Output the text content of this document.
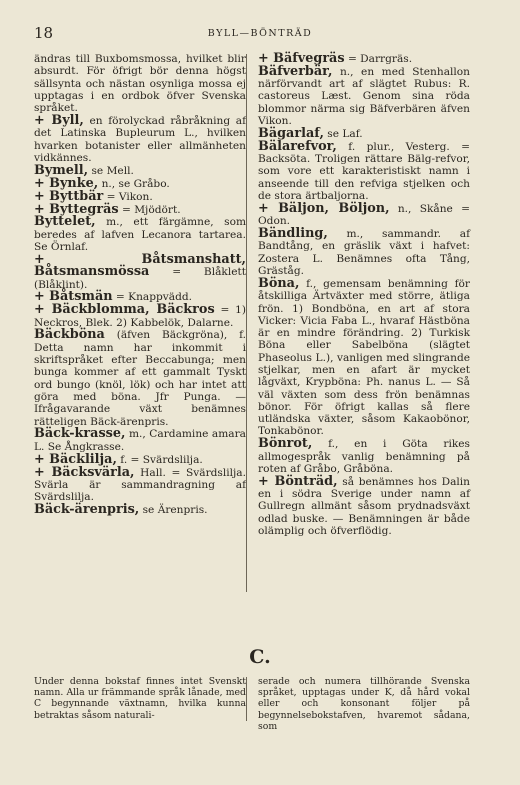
18	BYLL—BÖNTRÄD

ändras till Buxbomsmossa, hvilket blir absurdt. För öfrigt bör denna högst sällsynta och nästan osynliga mossa ej upptagas i en ordbok öfver Svenska språket.

+ Byll, en förolyckad råbråkning af det Latinska Bupleurum L., hvilken hvarken botanister eller allmänheten vidkännes.

Bymell, se Mell.

+ Bynke, n., se Gråbo.

+ Byttbär = Vikon.

+ Byttegräs = Mjödört.

Byttelet, m., ett färgämne, som beredes af lafven Lecanora tartarea. Se Örnlaf.

+ Båtsmanshatt, Båtsmansmössa = Blåklett (Blåklint).

+ Båtsmän = Knappvädd.

+ Bäckblomma, Bäckros = 1) Neckros, Blek. 2) Kabbelök, Dalarne.

Bäckböna (äfven Bäckgröna), f. Detta namn har inkommit i skriftspråket efter Beccabunga; men bunga kommer af ett gammalt Tyskt ord bungo (knöl, lök) och har intet att göra med böna. Jfr Punga. — Ifrågavarande växt benämnes rätteligen Bäck-ärenpris.

Bäck-krasse, m., Cardamine amara L. Se Ångkrasse.

+ Bäcklilja, f. = Svärdslilja.

+ Bäcksvärla, Hall. = Svärdslilja. Svärla är sammandragning af Svärdslilja.

Bäck-ärenpris, se Ärenpris.

+ Bäfvegräs = Darrgräs.

Bäfverbär, n., en med Stenhallon närförvandt art af slägtet Rubus: R. castoreus Læst. Genom sina röda blommor närma sig Bäfverbären äfven Vikon.

Bägarlaf, se Laf.

Bälarefvor, f. plur., Vesterg. = Backsöta. Troligen rättare Bälg-refvor, som vore ett karakteristiskt namn i anseende till den refviga stjelken och de stora ärtbaljorna.

+ Bäljon, Böljon, n., Skåne = Odon.

Bändling, m., sammandr. af Bandtång, en gräslik växt i hafvet: Zostera L. Benämnes ofta Tång, Gräståg.

Böna, f., gemensam benämning för åtskilliga Ärtväxter med större, ätliga frön. 1) Bondböna, en art af stora Vicker: Vicia Faba L., hvaraf Hästböna är en mindre förändring. 2) Turkisk Böna eller Sabelböna (slägtet Phaseolus L.), vanligen med slingrande stjelkar, men en afart är mycket lågväxt, Krypböna: Ph. nanus L. — Så väl växten som dess frön benämnas bönor. För öfrigt kallas så flere utländska växter, såsom Kakaobönor, Tonkabönor.

Bönrot, f., en i Göta rikes allmogespråk vanlig benämning på roten af Gråbo, Gråböna.

+ Bönträd, så benämnes hos Dalin en i södra Sverige under namn af Gullregn allmänt såsom prydnadsväxt odlad buske. — Benämningen är både olämplig och öfverflödig.

C.
Under denna bokstaf finnes intet Svenskt namn. Alla ur främmande språk lånade, med C begynnande växtnamn, hvilka kunna betraktas såsom naturali-
serade och numera tillhörande Svenska språket, upptagas under K, då hård vokal eller och konsonant följer på begynnelsebokstafven, hvaremot sådana, som
